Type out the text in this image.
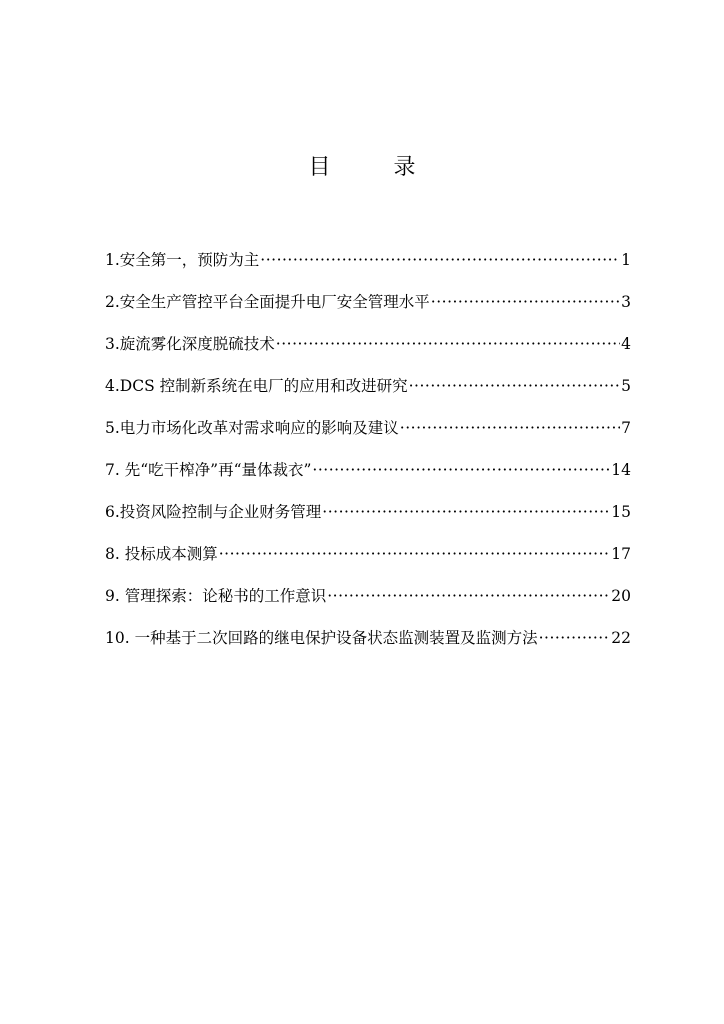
目 录
1.安全第一，预防为主 ·····	1
2.安全生产管控平台全面提升电厂安全管理水平 ·····	3
3.旋流雾化深度脱硫技术 ·····	4
4.DCS 控制新系统在电厂的应用和改进研究 ·····	5
5.电力市场化改革对需求响应的影响及建议 ·····	7
7. 先“吃干榨净”再“量体裁衣” ·····	14
6.投资风险控制与企业财务管理 ·····	15
8. 投标成本测算 ·····	17
9. 管理探索：论秘书的工作意识 ·····	20
10. 一种基于二次回路的继电保护设备状态监测装置及监测方法 ·····	22
